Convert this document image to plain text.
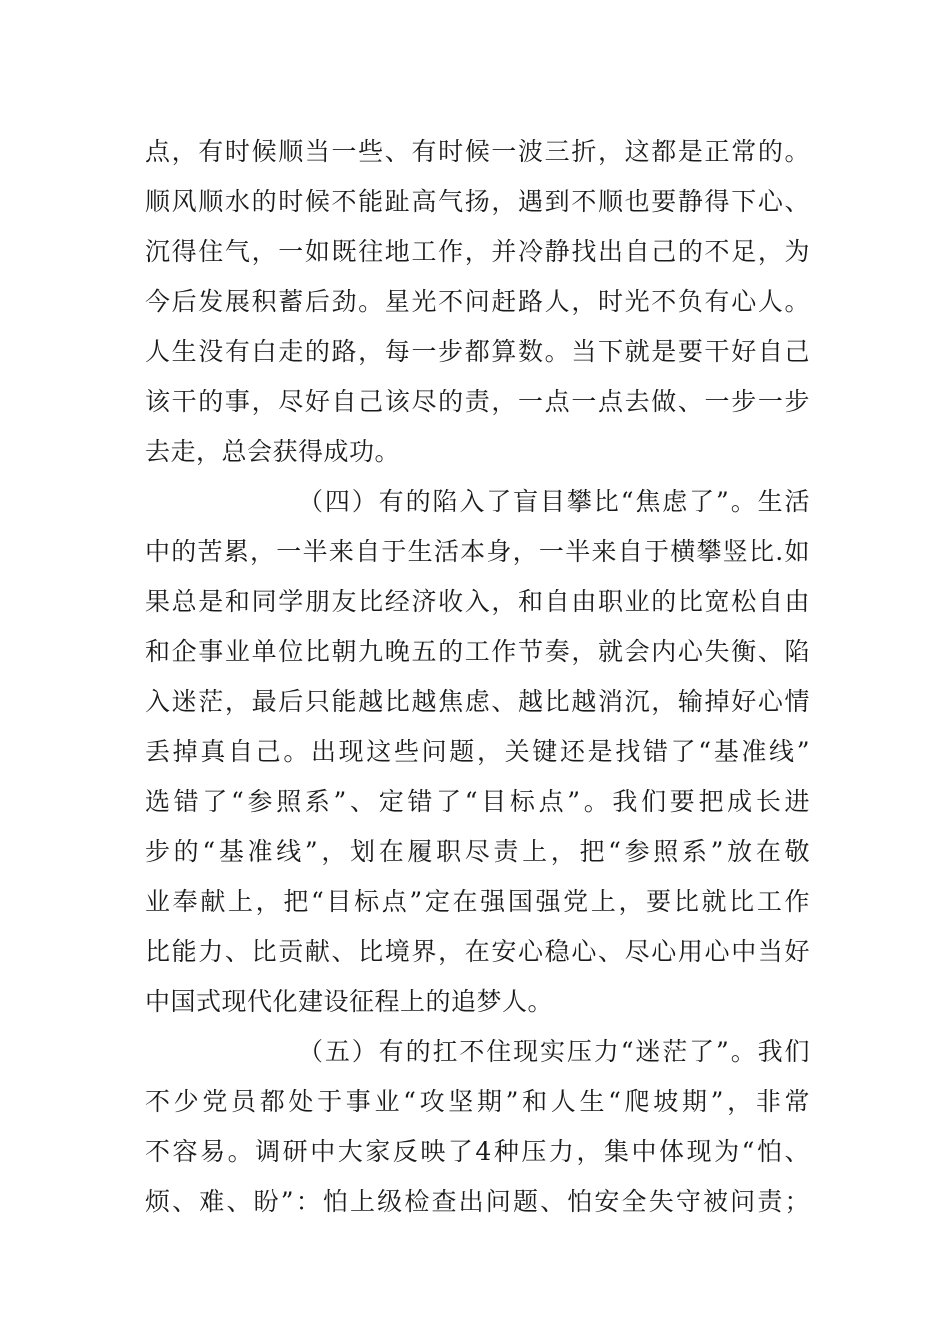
点，有时候顺当一些、有时候一波三折，这都是正常的。
顺风顺水的时候不能趾高气扬，遇到不顺也要静得下心、
沉得住气，一如既往地工作，并冷静找出自己的不足，为
今后发展积蓄后劲。星光不问赶路人，时光不负有心人。
人生没有白走的路，每一步都算数。当下就是要干好自己
该干的事，尽好自己该尽的责，一点一点去做、一步一步
去走，总会获得成功。
（四）有的陷入了盲目攀比“焦虑了”。生活
中的苦累，一半来自于生活本身，一半来自于横攀竖比.如
果总是和同学朋友比经济收入，和自由职业的比宽松自由
和企事业单位比朝九晚五的工作节奏，就会内心失衡、陷
入迷茫，最后只能越比越焦虑、越比越消沉，输掉好心情
丢掉真自己。出现这些问题，关键还是找错了“基准线”
选错了“参照系”、定错了“目标点”。我们要把成长进
步的“基准线”，划在履职尽责上，把“参照系”放在敬
业奉献上，把“目标点”定在强国强党上，要比就比工作
比能力、比贡献、比境界，在安心稳心、尽心用心中当好
中国式现代化建设征程上的追梦人。
（五）有的扛不住现实压力“迷茫了”。我们
不少党员都处于事业“攻坚期”和人生“爬坡期”，非常
不容易。调研中大家反映了4种压力，集中体现为“怕、
烦、难、盼”：怕上级检查出问题、怕安全失守被问责；
